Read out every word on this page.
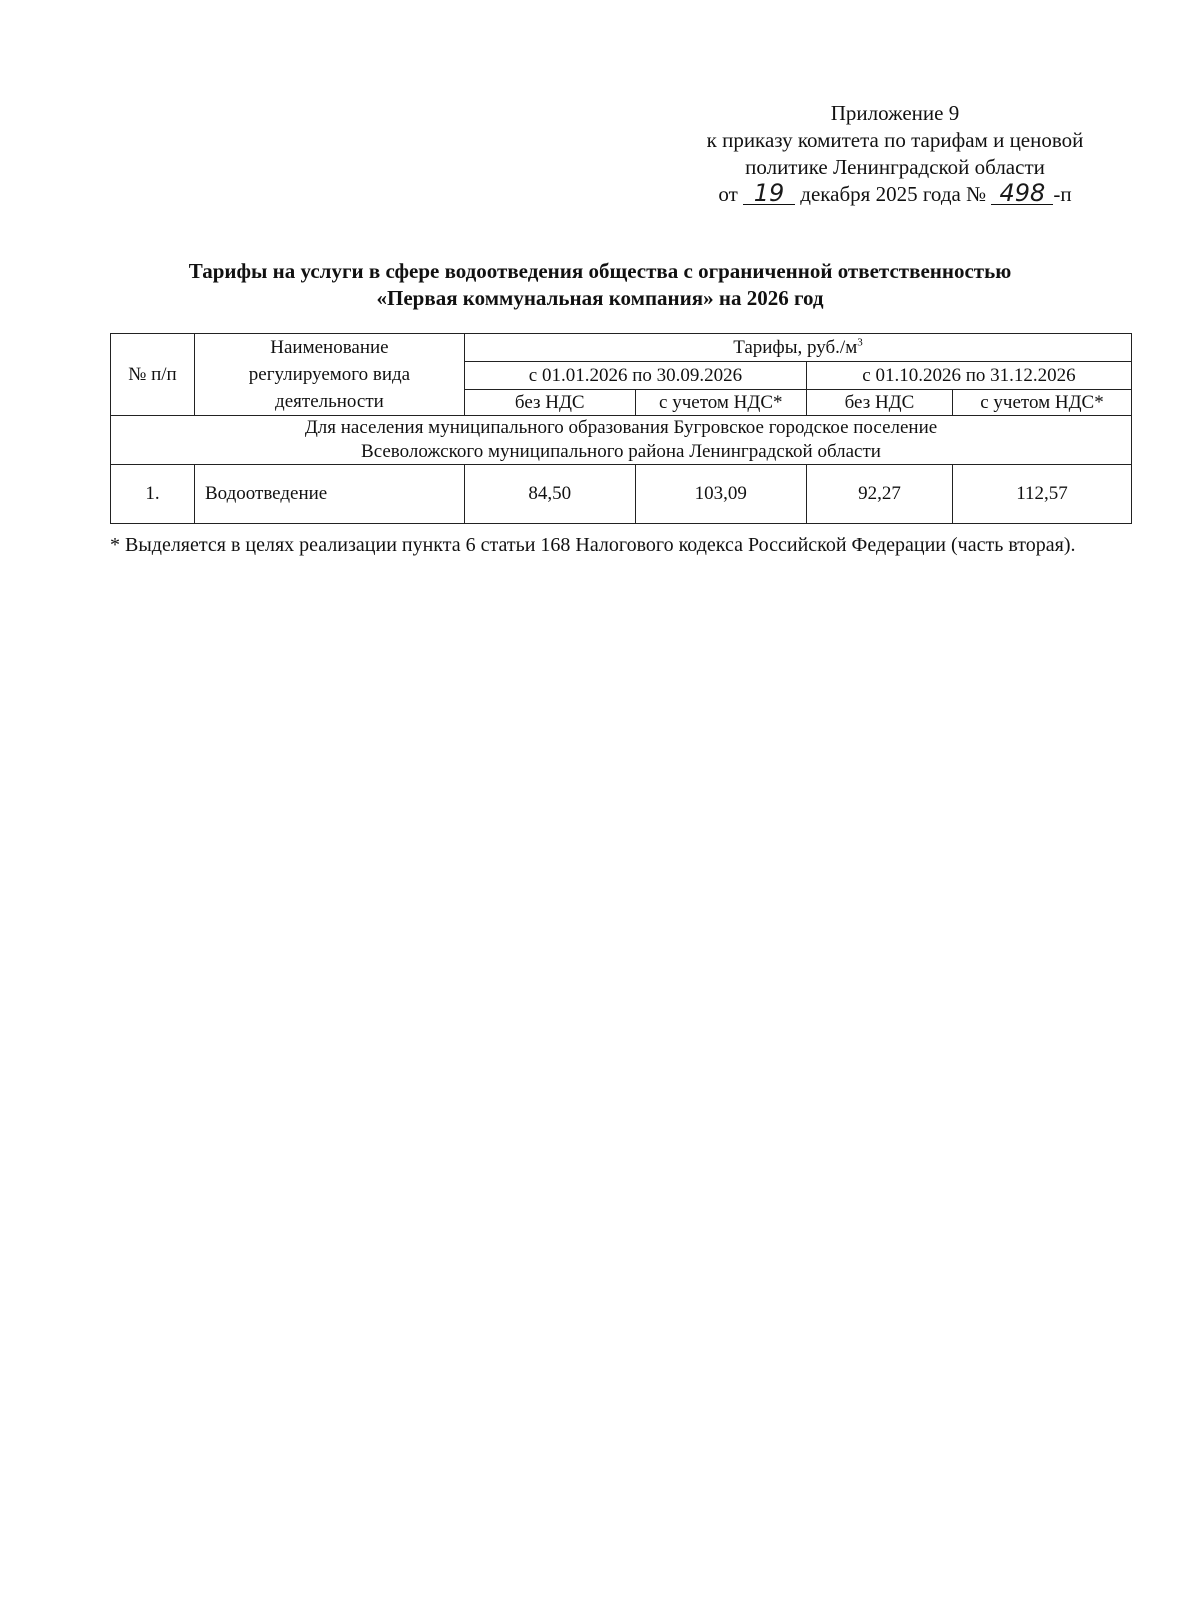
Приложение 9
к приказу комитета по тарифам и ценовой
политике Ленинградской области
от 19 декабря 2025 года № 498 -п
Тарифы на услуги в сфере водоотведения общества с ограниченной ответственностью
«Первая коммунальная компания» на 2026 год
№ п/п	Наименование
регулируемого вида
деятельности	Тарифы, $руб./м^3$
		с 01.01.2026 по 30.09.2026		с 01.10.2026 по 31.12.2026	
		без НДС	с учетом НДС*	без НДС	с учетом НДС*
Для населения муниципального образования Бугровское городское поселение
Всеволожского муниципального района Ленинградской области					
1.	Водоотведение	84,50	103,09	92,27	112,57
* Выделяется в целях реализации пункта 6 статьи 168 Налогового кодекса Российской Федерации (часть вторая).
